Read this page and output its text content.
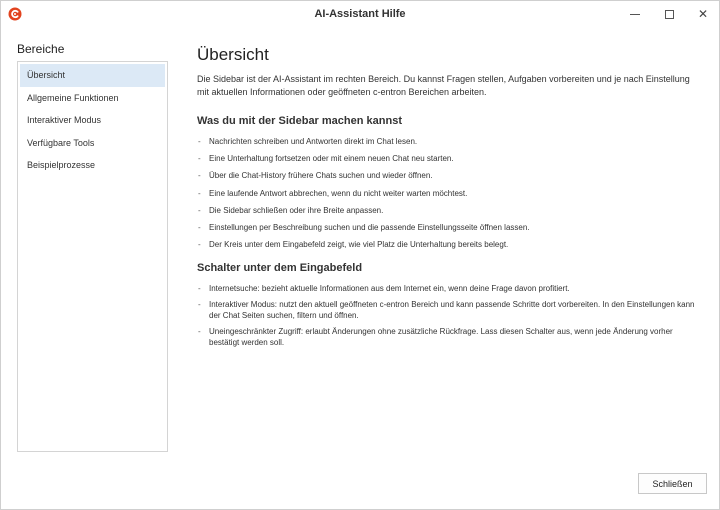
AI-Assistant Hilfe	✕
Bereiche
Übersicht
Allgemeine Funktionen
Interaktiver Modus
Verfügbare Tools
Beispielprozesse
Übersicht

Die Sidebar ist der AI-Assistant im rechten Bereich. Du kannst Fragen stellen, Aufgaben vorbereiten und je nach Einstellung mit aktuellen Informationen oder geöffneten c-entron Bereichen arbeiten.

Was du mit der Sidebar machen kannst
- Nachrichten schreiben und Antworten direkt im Chat lesen.
- Eine Unterhaltung fortsetzen oder mit einem neuen Chat neu starten.
- Über die Chat-History frühere Chats suchen und wieder öffnen.
- Eine laufende Antwort abbrechen, wenn du nicht weiter warten möchtest.
- Die Sidebar schließen oder ihre Breite anpassen.
- Einstellungen per Beschreibung suchen und die passende Einstellungsseite öffnen lassen.
- Der Kreis unter dem Eingabefeld zeigt, wie viel Platz die Unterhaltung bereits belegt.
Schalter unter dem Eingabefeld
- Internetsuche: bezieht aktuelle Informationen aus dem Internet ein, wenn deine Frage davon profitiert.
- Interaktiver Modus: nutzt den aktuell geöffneten c-entron Bereich und kann passende Schritte dort vorbereiten. In den Einstellungen kann der Chat Seiten suchen, filtern und öffnen.
- Uneingeschränkter Zugriff: erlaubt Änderungen ohne zusätzliche Rückfrage. Lass diesen Schalter aus, wenn jede Änderung vorher bestätigt werden soll.
Schließen
